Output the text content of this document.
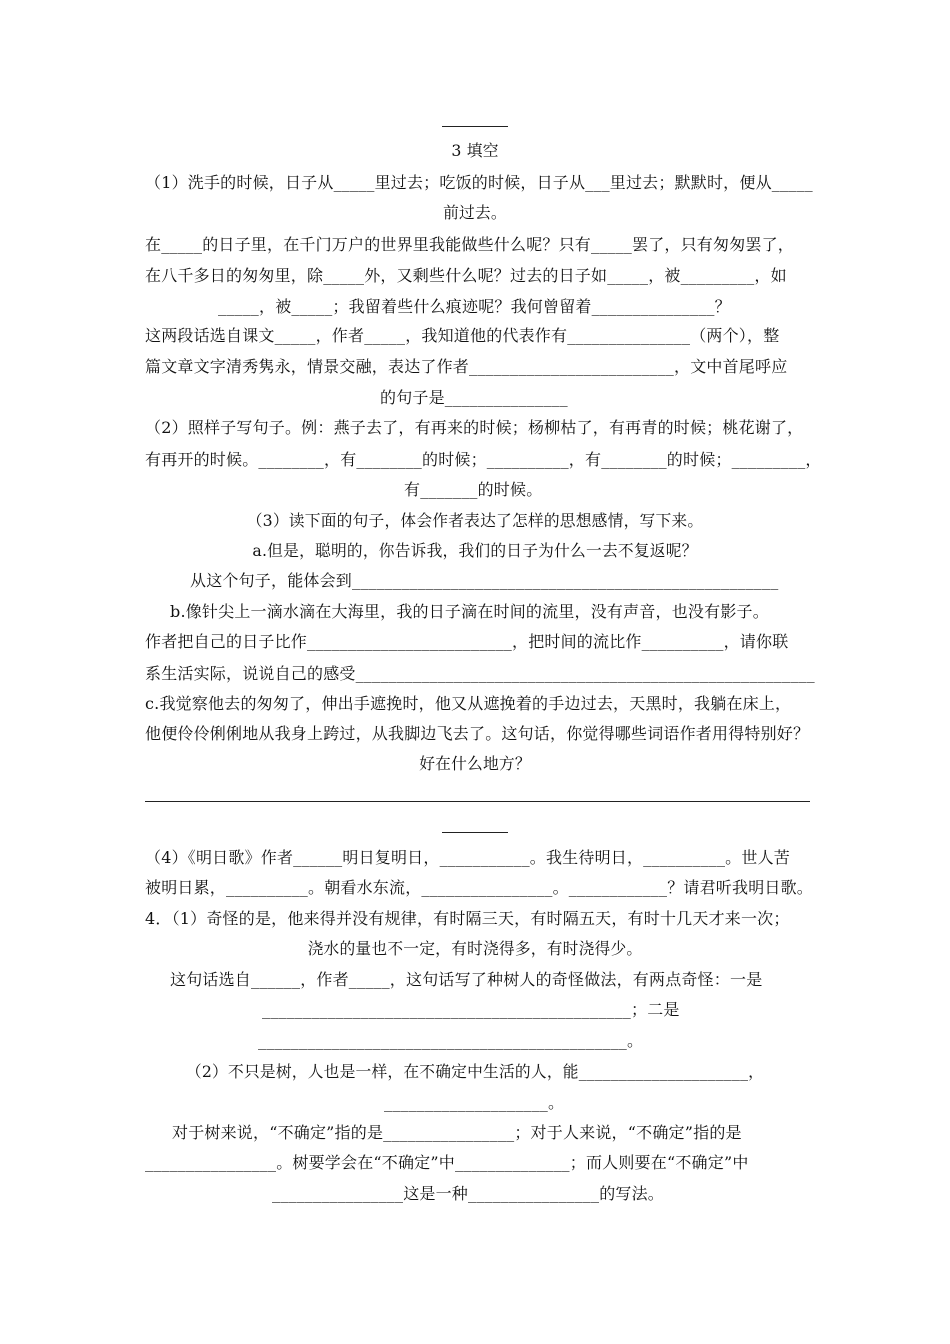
3 填空
（1）洗手的时候，日子从_____里过去；吃饭的时候，日子从___里过去；默默时，便从_____
前过去。
在_____的日子里，在千门万户的世界里我能做些什么呢？只有_____罢了，只有匆匆罢了，
在八千多日的匆匆里，除_____外，又剩些什么呢？过去的日子如_____，被_________，如
_____，被_____；我留着些什么痕迹呢？我何曾留着_______________？
这两段话选自课文_____，作者_____，我知道他的代表作有_______________（两个），整
篇文章文字清秀隽永，情景交融，表达了作者_________________________，文中首尾呼应
的句子是_______________
（2）照样子写句子。例：燕子去了，有再来的时候；杨柳枯了，有再青的时候；桃花谢了，
有再开的时候。________，有________的时候；__________，有________的时候；_________，
有_______的时候。
（3）读下面的句子，体会作者表达了怎样的思想感情，写下来。
a.但是，聪明的，你告诉我，我们的日子为什么一去不复返呢？
从这个句子，能体会到____________________________________________________
b.像针尖上一滴水滴在大海里，我的日子滴在时间的流里，没有声音，也没有影子。
作者把自己的日子比作_________________________，把时间的流比作__________，请你联
系生活实际，说说自己的感受________________________________________________________
c.我觉察他去的匆匆了，伸出手遮挽时，他又从遮挽着的手边过去，天黑时，我躺在床上，
他便伶伶俐俐地从我身上跨过，从我脚边飞去了。这句话，你觉得哪些词语作者用得特别好？
好在什么地方？
（4）《明日歌》作者______明日复明日，___________。我生待明日，__________。世人苦
被明日累，__________。朝看水东流，________________。____________？请君听我明日歌。
4．（1）奇怪的是，他来得并没有规律，有时隔三天，有时隔五天，有时十几天才来一次；
浇水的量也不一定，有时浇得多，有时浇得少。
这句话选自______，作者_____，这句话写了种树人的奇怪做法，有两点奇怪：一是
_____________________________________________；二是
_____________________________________________。
（2）不只是树，人也是一样，在不确定中生活的人，能_____________________，
____________________。
对于树来说，“不确定”指的是________________；对于人来说，“不确定”指的是
________________。树要学会在“不确定”中______________；而人则要在“不确定”中
________________这是一种________________的写法。
